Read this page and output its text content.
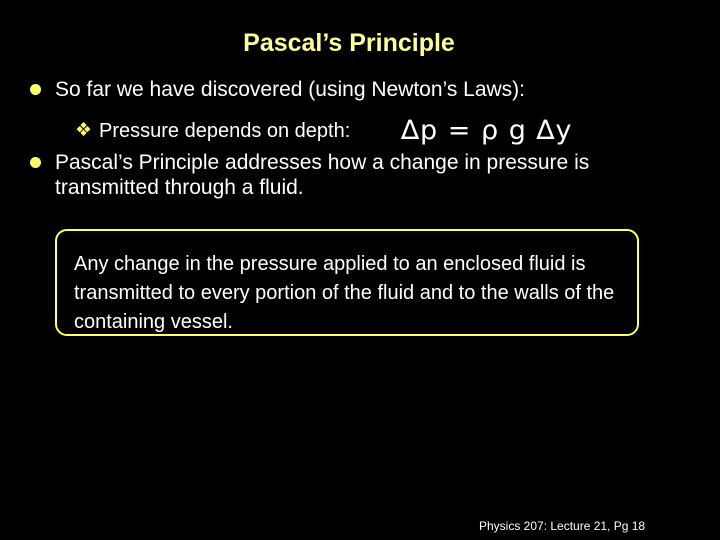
Pascal’s Principle
So far we have discovered (using Newton’s Laws):
❖ Pressure depends on depth: ∆p = ρ g ∆y
Pascal’s Principle addresses how a change in pressure is transmitted through a fluid.
Any change in the pressure applied to an enclosed fluid is transmitted to every portion of the fluid and to the walls of the containing vessel.
Physics 207: Lecture 21, Pg 18
